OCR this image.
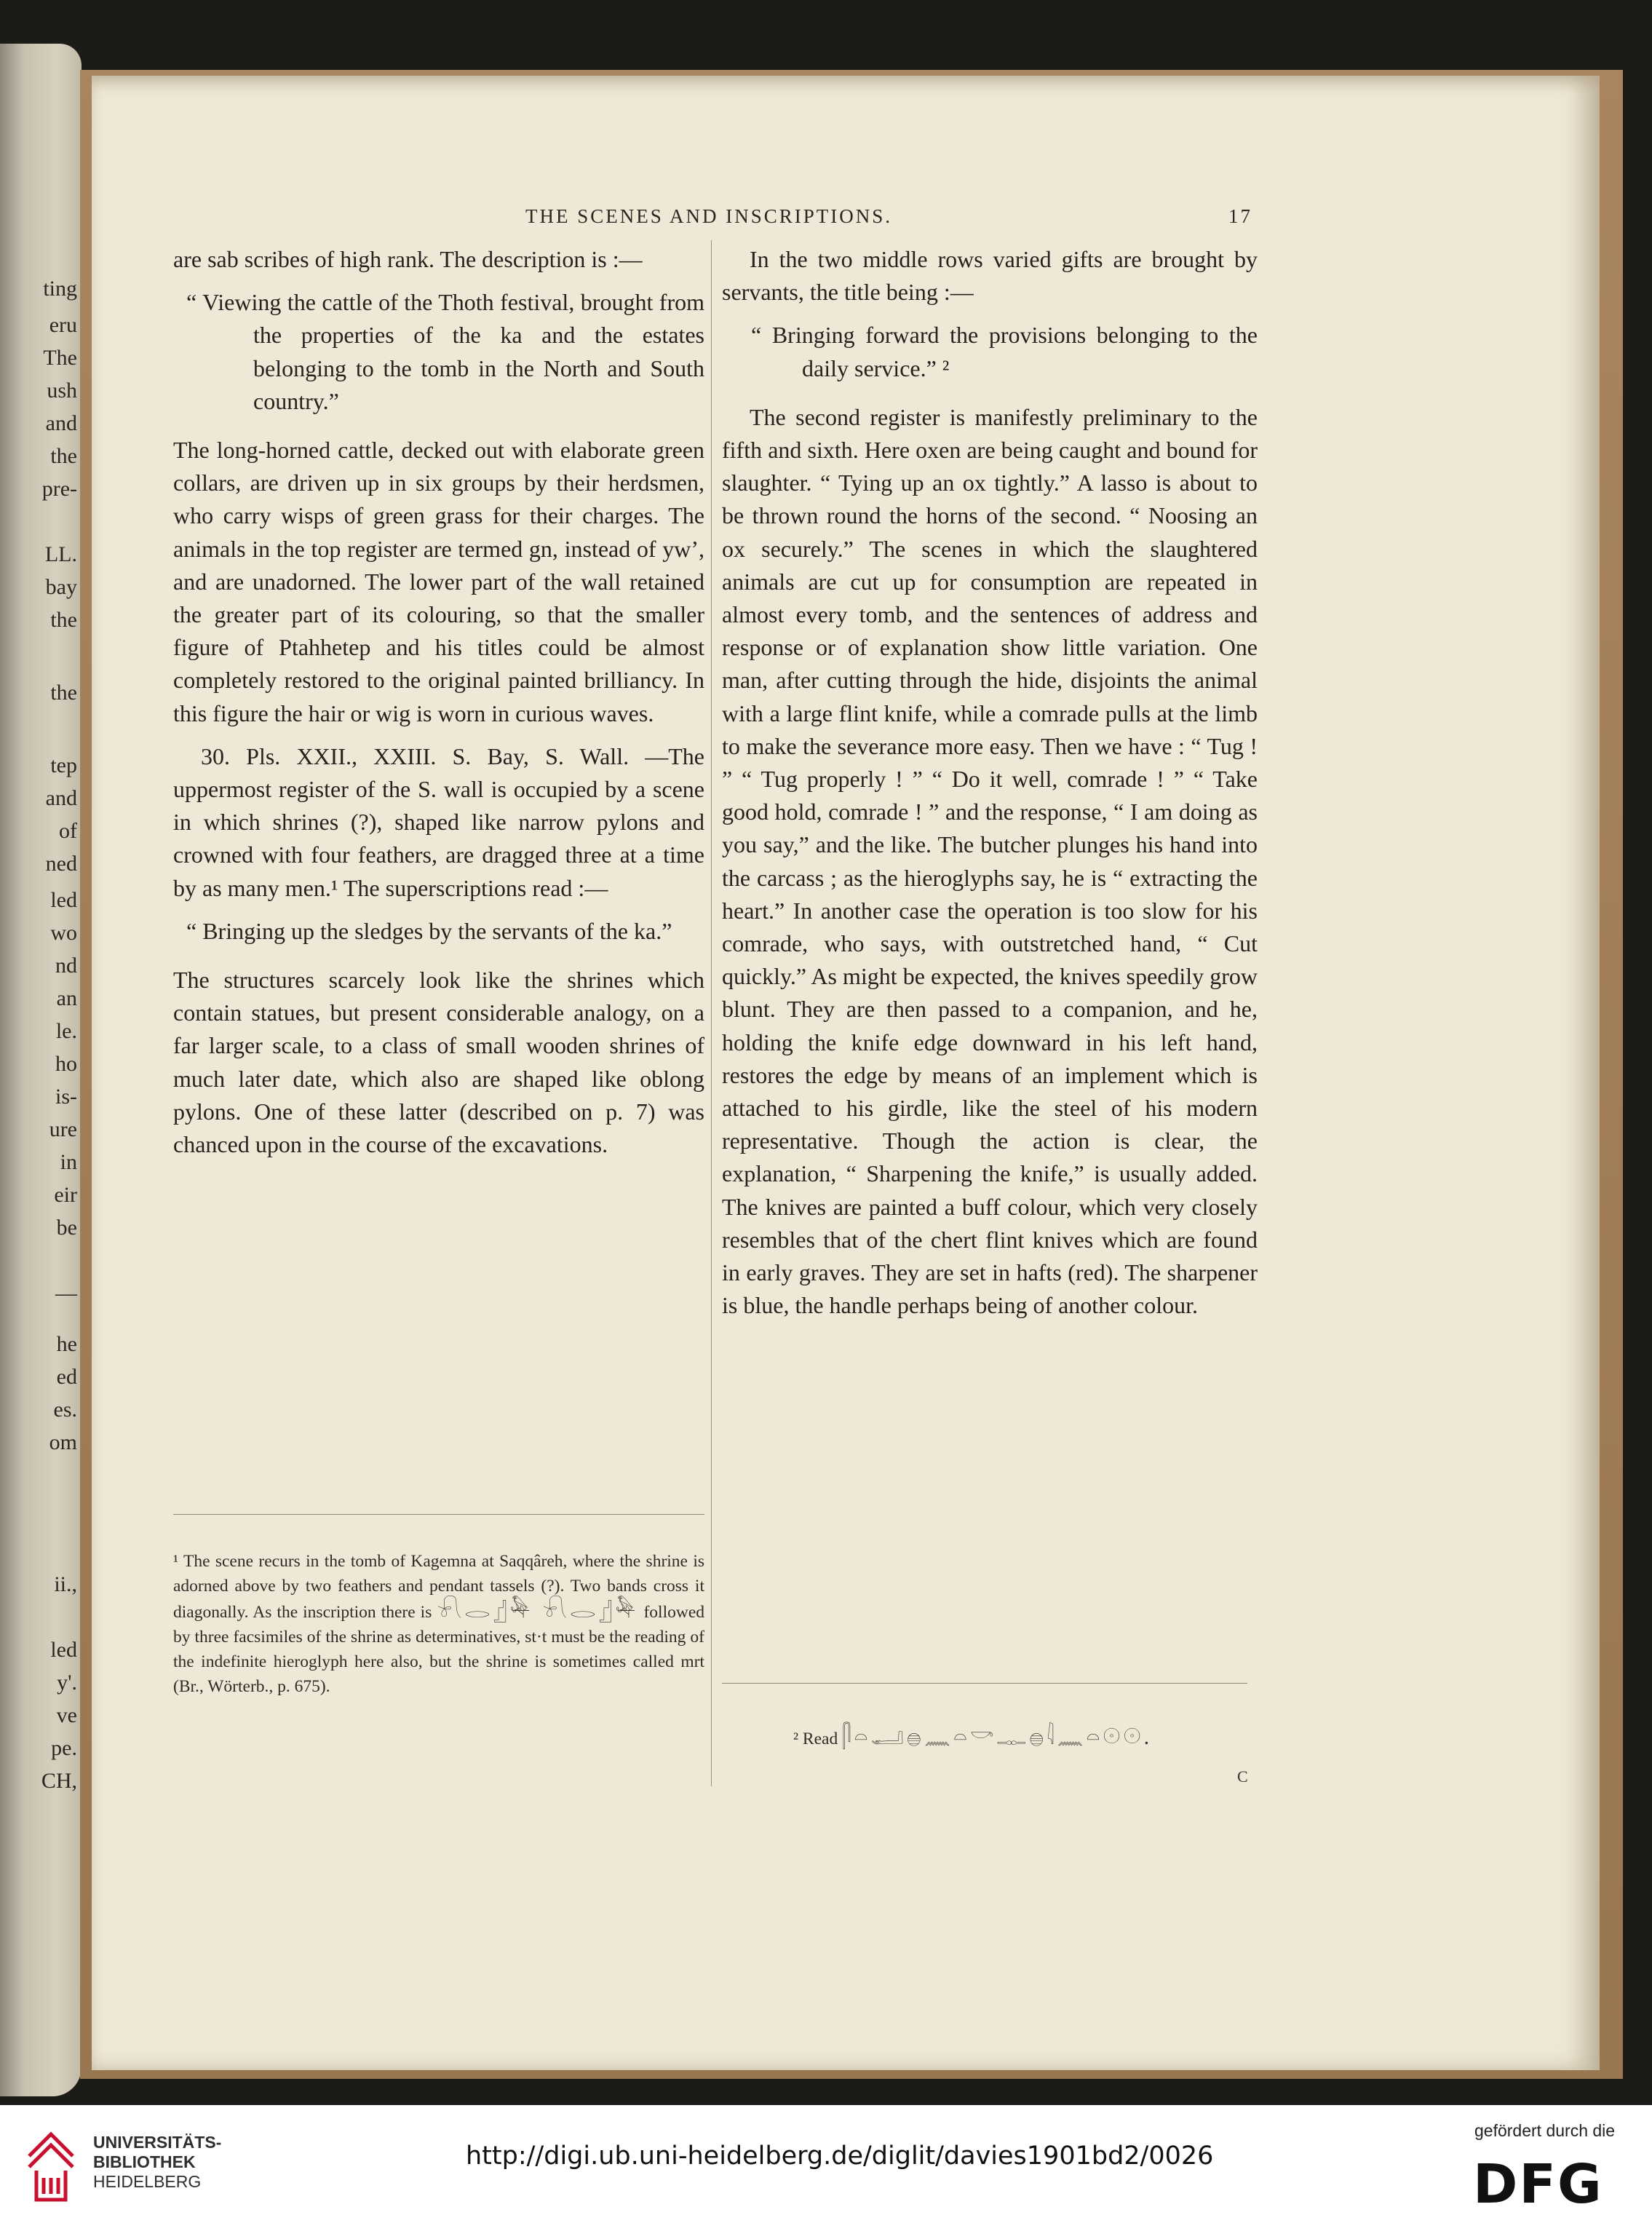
ting
eru
The
ush
and
the
pre-
LL.
bay
the
the
tep
and
of
ned
led
wo
nd
an
le.
ho
is-
ure
in
eir
be
—
he
ed
es.
om
ii.,
led
y'.
ve
pe.
CH,
THE SCENES AND INSCRIPTIONS.	17

are sab scribes of high rank. The description is :—

“ Viewing the cattle of the Thoth festival, brought from the properties of the ka and the estates belonging to the tomb in the North and South country.”

The long-horned cattle, decked out with elaborate green collars, are driven up in six groups by their herdsmen, who carry wisps of green grass for their charges. The animals in the top register are termed gn, instead of yw’, and are unadorned. The lower part of the wall retained the greater part of its colouring, so that the smaller figure of Ptahhetep and his titles could be almost completely restored to the original painted brilliancy. In this figure the hair or wig is worn in curious waves.

30. Pls. XXII., XXIII. S. Bay, S. Wall. —The uppermost register of the S. wall is occupied by a scene in which shrines (?), shaped like narrow pylons and crowned with four feathers, are dragged three at a time by as many men.¹ The superscriptions read :—

“ Bringing up the sledges by the servants of the ka.”

The structures scarcely look like the shrines which contain statues, but present considerable analogy, on a far larger scale, to a class of small wooden shrines of much later date, which also are shaped like oblong pylons. One of these latter (described on p. 7) was chanced upon in the course of the excavations.

In the two middle rows varied gifts are brought by servants, the title being :—

“ Bringing forward the provisions belonging to the daily service.” ²

The second register is manifestly preliminary to the fifth and sixth. Here oxen are being caught and bound for slaughter. “ Tying up an ox tightly.” A lasso is about to be thrown round the horns of the second. “ Noosing an ox securely.” The scenes in which the slaughtered animals are cut up for consumption are repeated in almost every tomb, and the sentences of address and response or of explanation show little variation. One man, after cutting through the hide, disjoints the animal with a large flint knife, while a comrade pulls at the limb to make the severance more easy. Then we have : “ Tug ! ” “ Tug properly ! ” “ Do it well, comrade ! ” “ Take good hold, comrade ! ” and the response, “ I am doing as you say,” and the like. The butcher plunges his hand into the carcass ; as the hieroglyphs say, he is “ extracting the heart.” In another case the operation is too slow for his comrade, who says, with outstretched hand, “ Cut quickly.” As might be expected, the knives speedily grow blunt. They are then passed to a companion, and he, holding the knife edge downward in his left hand, restores the edge by means of an implement which is attached to his girdle, like the steel of his modern representative. Though the action is clear, the explanation, “ Sharpening the knife,” is usually added. The knives are painted a buff colour, which very closely resembles that of the chert flint knives which are found in early graves. They are set in hafts (red). The sharpener is blue, the handle perhaps being of another colour.

¹ The scene recurs in the tomb of Kagemna at Saqqâreh, where the shrine is adorned above by two feathers and pendant tassels (?). Two bands cross it diagonally. As the inscription there is 𓍯𓂋𓊨𓅆 𓍯𓂋𓊨𓅆 followed by three facsimiles of the shrine as determinatives, st·t must be the reading of the indefinite hieroglyph here also, but the shrine is sometimes called mrt (Br., Wörterb., p. 675).
² Read 𓋴𓏏𓂝𓐍𓈖𓏏𓎡𓊃𓐍𓇋𓈖𓏏𓇳𓇳.
C
UNIVERSITÄTS-
BIBLIOTHEK
HEIDELBERG
http://digi.ub.uni-heidelberg.de/diglit/davies1901bd2/0026
gefördert durch die
DFG
